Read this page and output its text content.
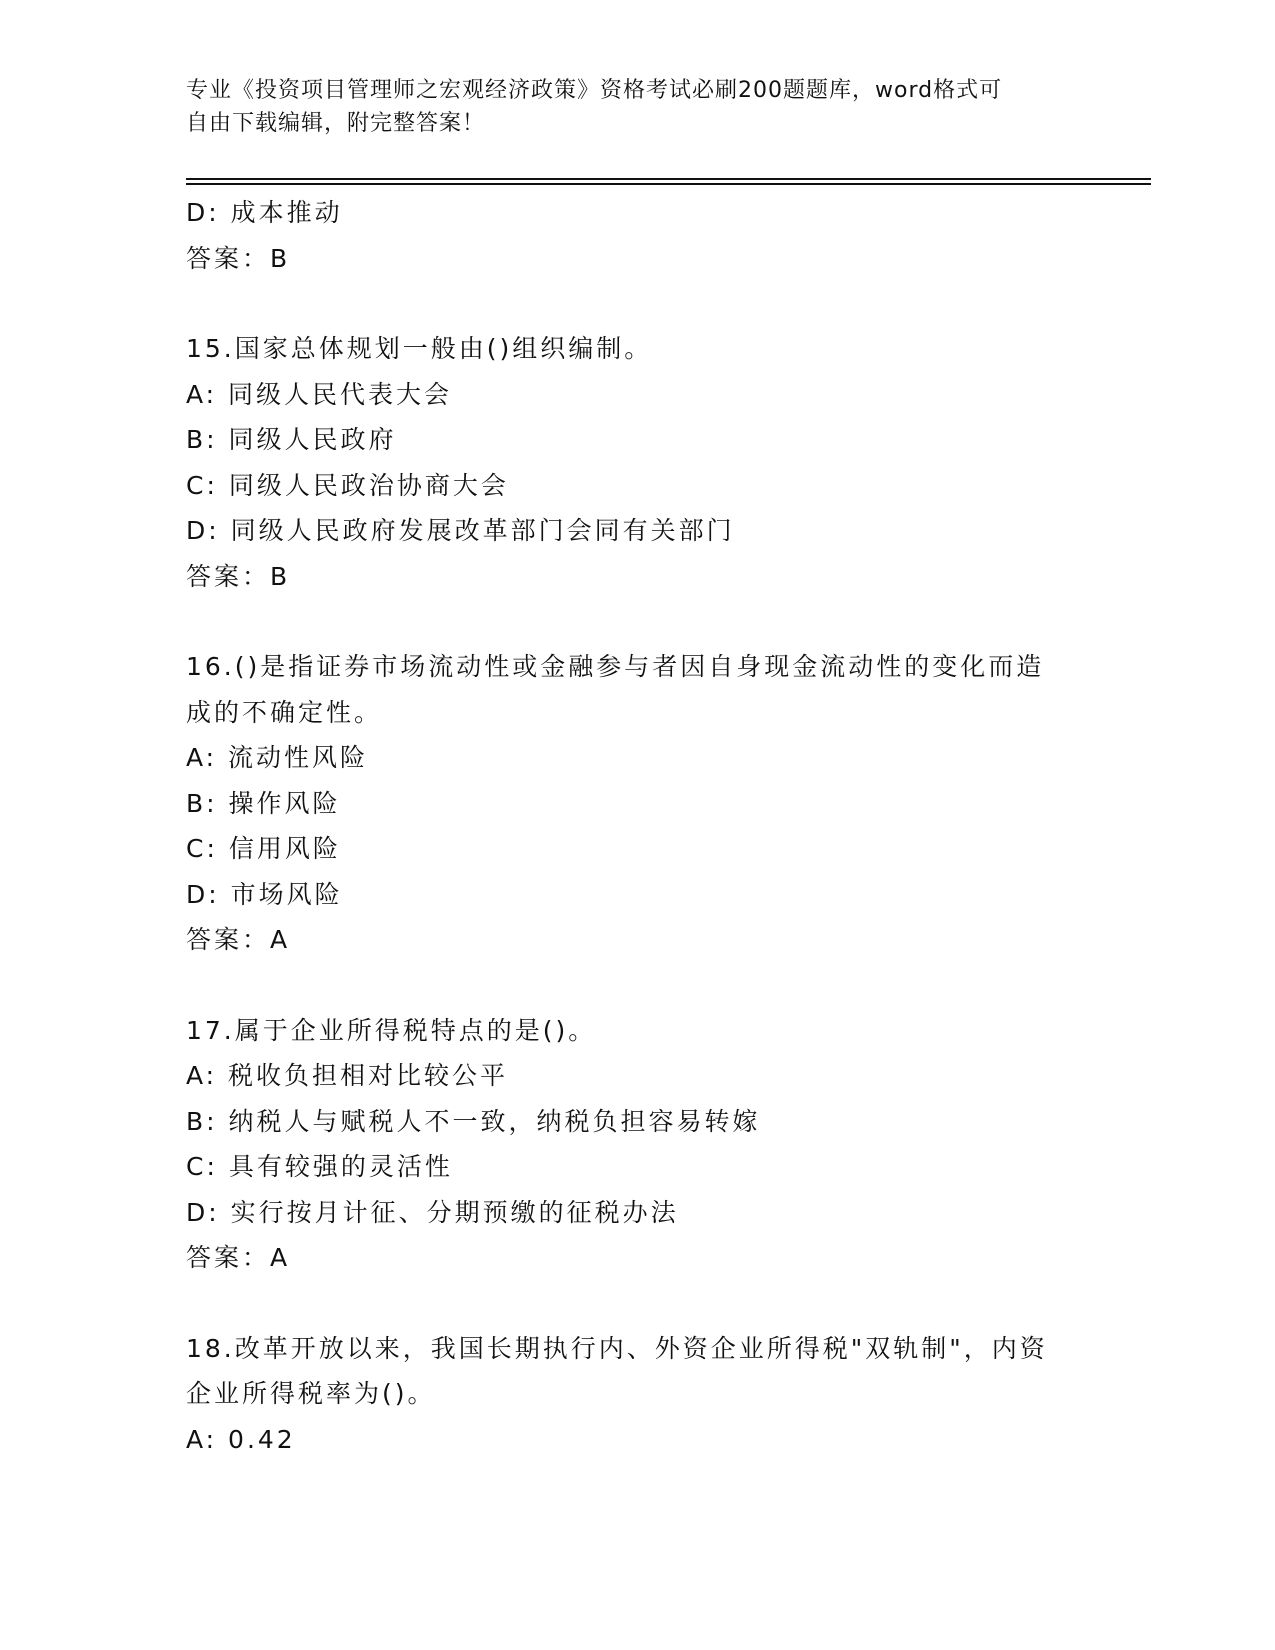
专业《投资项目管理师之宏观经济政策》资格考试必刷200题题库，word格式可
自由下载编辑，附完整答案！
D: 成本推动
答案：B
15.国家总体规划一般由()组织编制。
A: 同级人民代表大会
B: 同级人民政府
C: 同级人民政治协商大会
D: 同级人民政府发展改革部门会同有关部门
答案：B
16.()是指证券市场流动性或金融参与者因自身现金流动性的变化而造
成的不确定性。
A: 流动性风险
B: 操作风险
C: 信用风险
D: 市场风险
答案：A
17.属于企业所得税特点的是()。
A: 税收负担相对比较公平
B: 纳税人与赋税人不一致，纳税负担容易转嫁
C: 具有较强的灵活性
D: 实行按月计征、分期预缴的征税办法
答案：A
18.改革开放以来，我国长期执行内、外资企业所得税"双轨制"，内资
企业所得税率为()。
A: 0.42
